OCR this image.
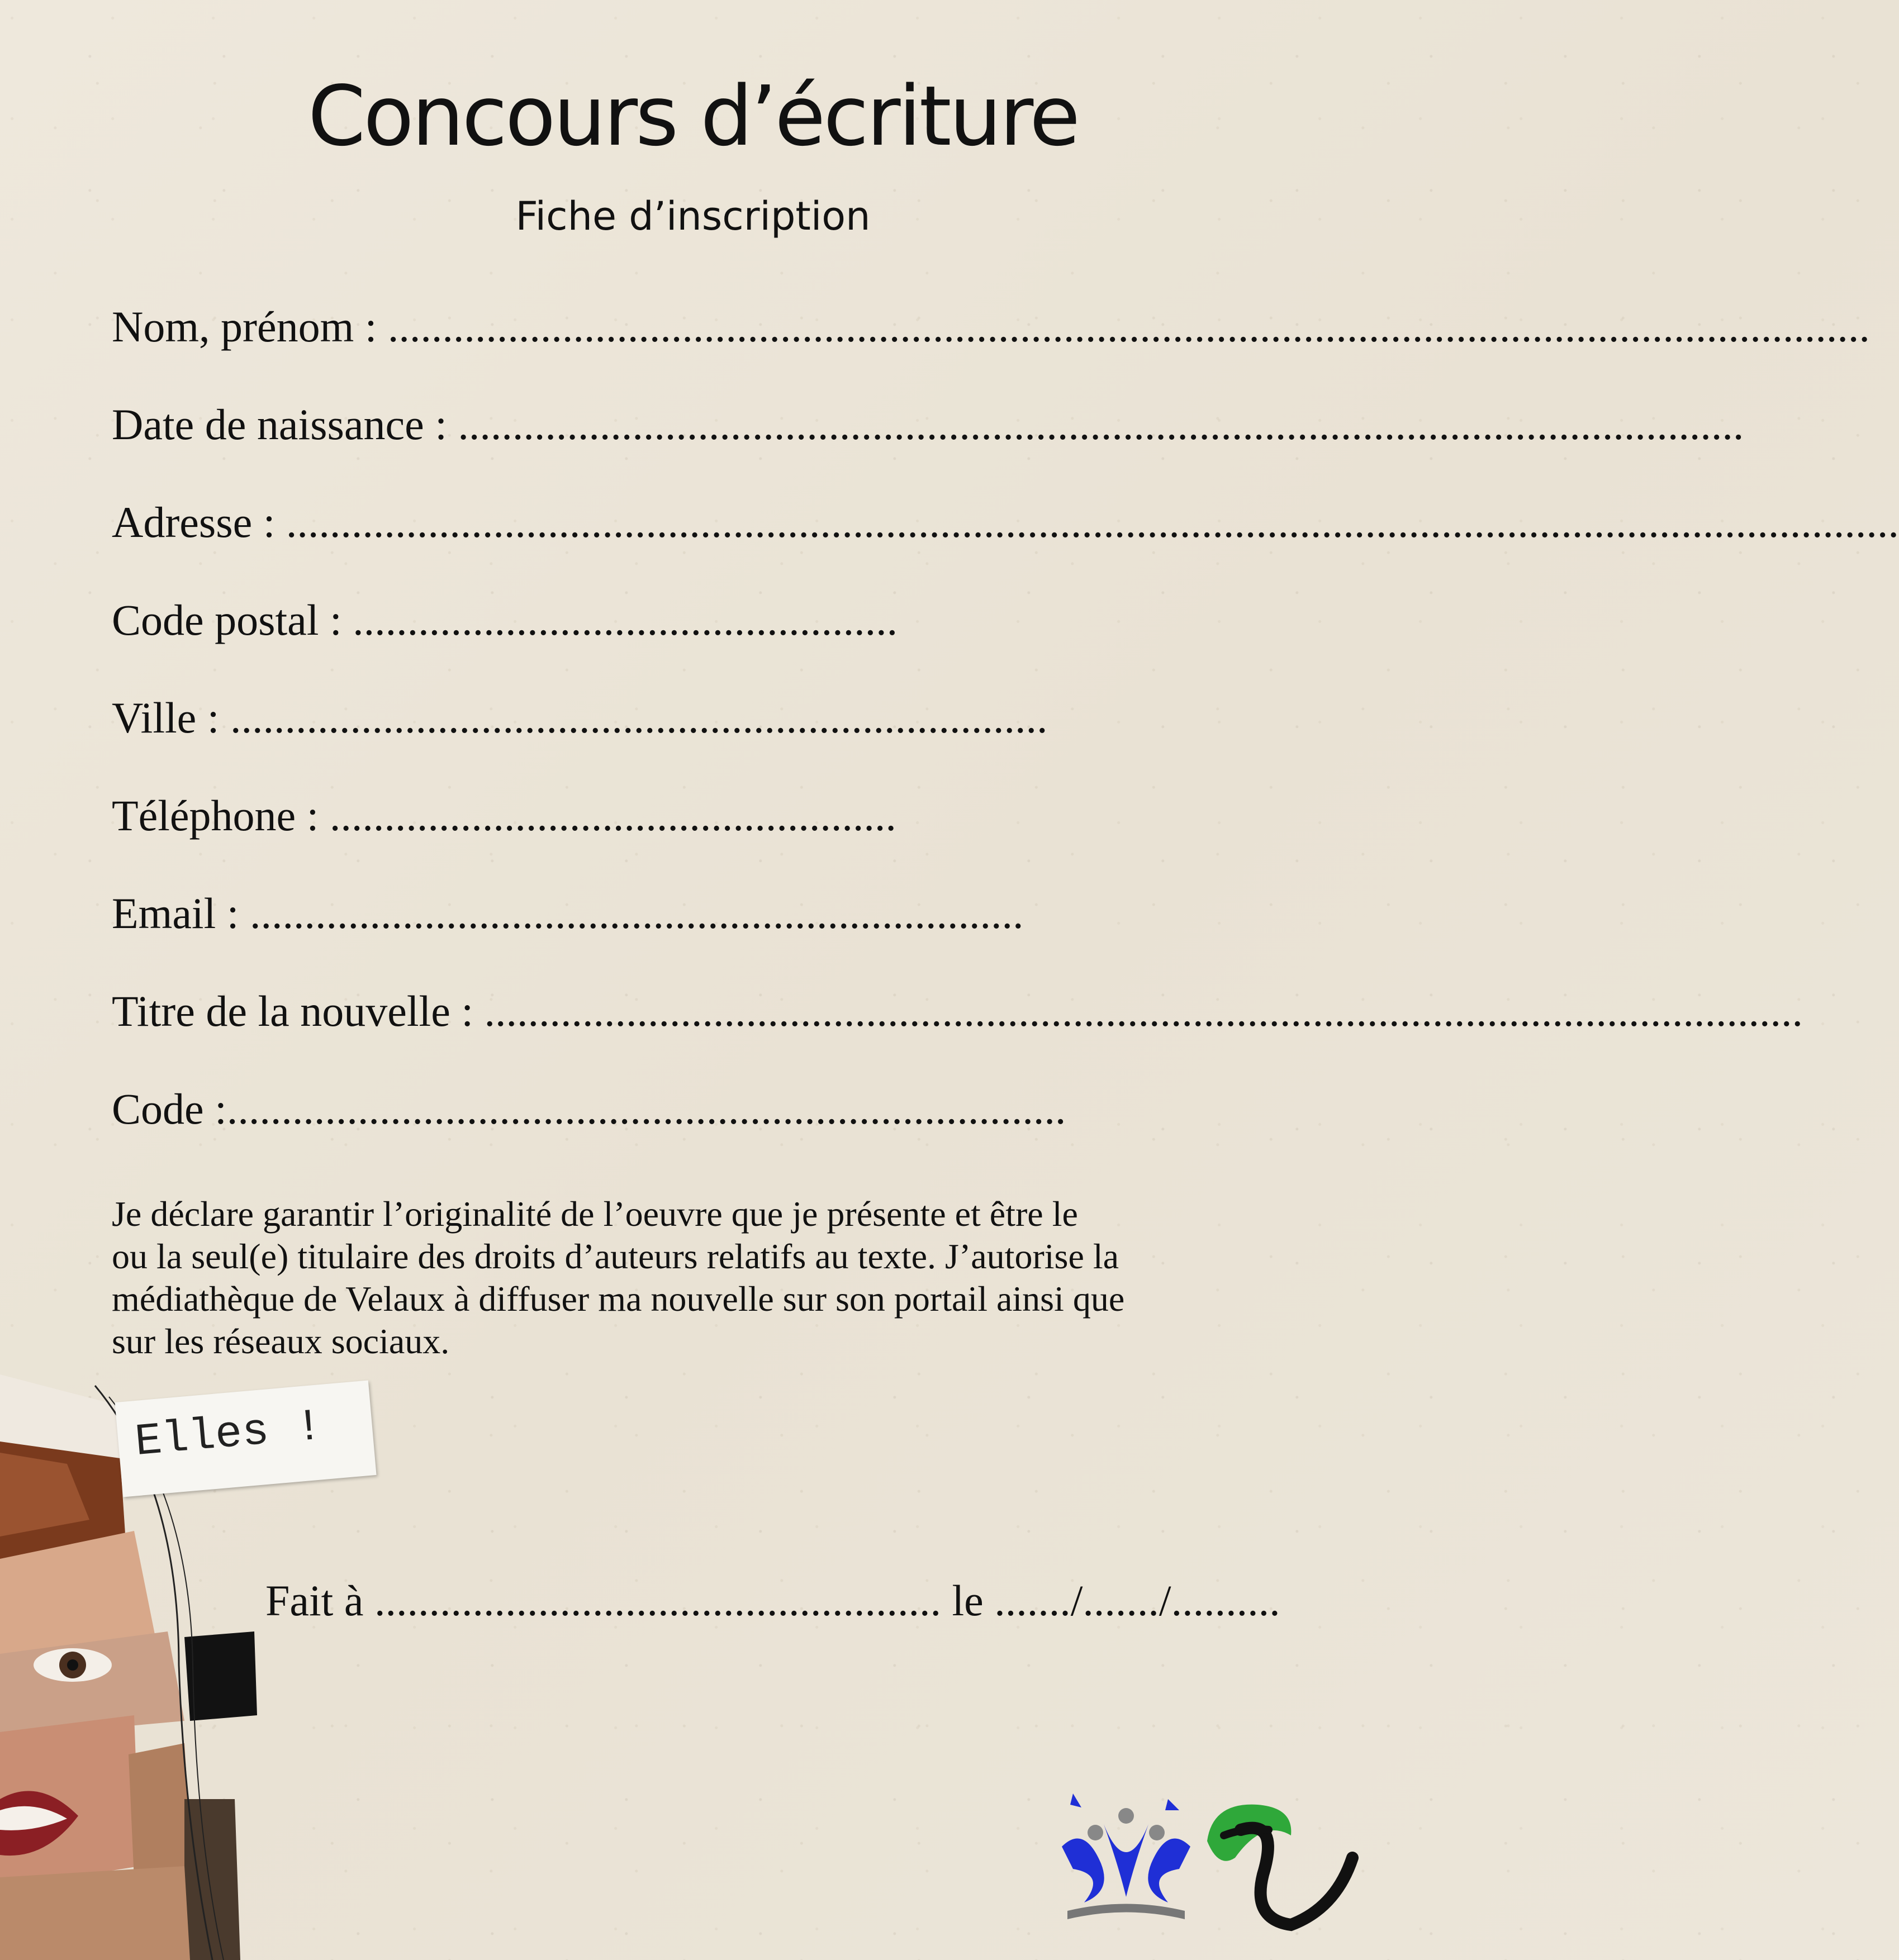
Concours d’écriture
Fiche d’inscription
Nom, prénom : ........................................................................................................................................
Date de naissance : ......................................................................................................................
Adresse : ....................................................................................................................................................
Code postal : ..................................................
Ville : ...........................................................................
Téléphone : ....................................................
Email : .......................................................................
Titre de la nouvelle : .........................................................................................................................
Code :.............................................................................
Je déclare garantir l’originalité de l’oeuvre que je présente et être le
ou la seul(e) titulaire des droits d’auteurs relatifs au texte. J’autorise la
médiathèque de Velaux à diffuser ma nouvelle sur son portail ainsi que
sur les réseaux sociaux.
Elles !
Fait à .................................................... le ......./......./..........
